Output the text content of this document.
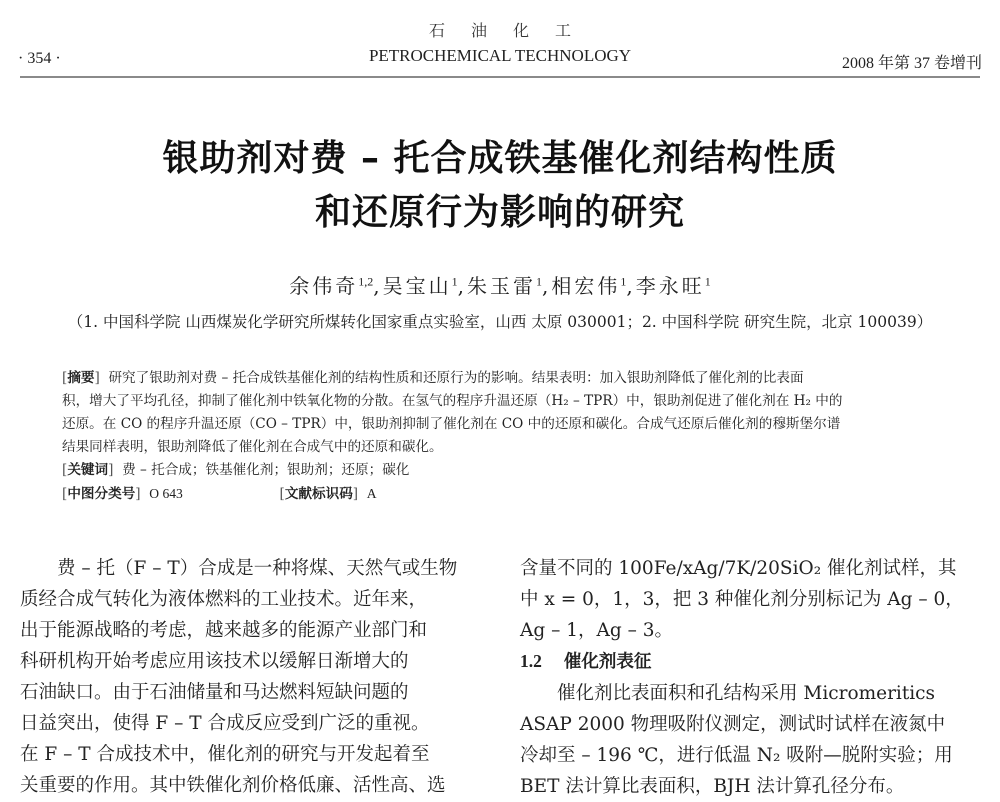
石油化工
· 354 ·	PETROCHEMICAL TECHNOLOGY	2008 年第 37 卷增刊
银助剂对费 – 托合成铁基催化剂结构性质
和还原行为影响的研究
余伟奇$^{1,2}$,吴宝山$^1$,朱玉雷$^1$,相宏伟$^1$,李永旺$^1$
（1. 中国科学院 山西煤炭化学研究所煤转化国家重点实验室，山西 太原 030001；2. 中国科学院 研究生院，北京 100039）
[摘要] 研究了银助剂对费 – 托合成铁基催化剂的结构性质和还原行为的影响。结果表明：加入银助剂降低了催化剂的比表面
积，增大了平均孔径，抑制了催化剂中铁氧化物的分散。在氢气的程序升温还原（H₂ – TPR）中，银助剂促进了催化剂在 H₂ 中的
还原。在 CO 的程序升温还原（CO – TPR）中，银助剂抑制了催化剂在 CO 中的还原和碳化。合成气还原后催化剂的穆斯堡尔谱
结果同样表明，银助剂降低了催化剂在合成气中的还原和碳化。
[关键词] 费 – 托合成；铁基催化剂；银助剂；还原；碳化
[中图分类号] O 643	[文献标识码] A

费 – 托（F – T）合成是一种将煤、天然气或生物

质经合成气转化为液体燃料的工业技术。近年来，

出于能源战略的考虑，越来越多的能源产业部门和

科研机构开始考虑应用该技术以缓解日渐增大的

石油缺口。由于石油储量和马达燃料短缺问题的

日益突出，使得 F – T 合成反应受到广泛的重视。

在 F – T 合成技术中，催化剂的研究与开发起着至

关重要的作用。其中铁催化剂价格低廉、活性高、选

含量不同的 100Fe/xAg/7K/20SiO₂ 催化剂试样，其

中 x = 0，1，3，把 3 种催化剂分别标记为 Ag – 0，

Ag – 1，Ag – 3。

1.2 催化剂表征

催化剂比表面积和孔结构采用 Micromeritics

ASAP 2000 物理吸附仪测定，测试时试样在液氮中

冷却至 – 196 ℃，进行低温 N₂ 吸附—脱附实验；用

BET 法计算比表面积，BJH 法计算孔径分布。
